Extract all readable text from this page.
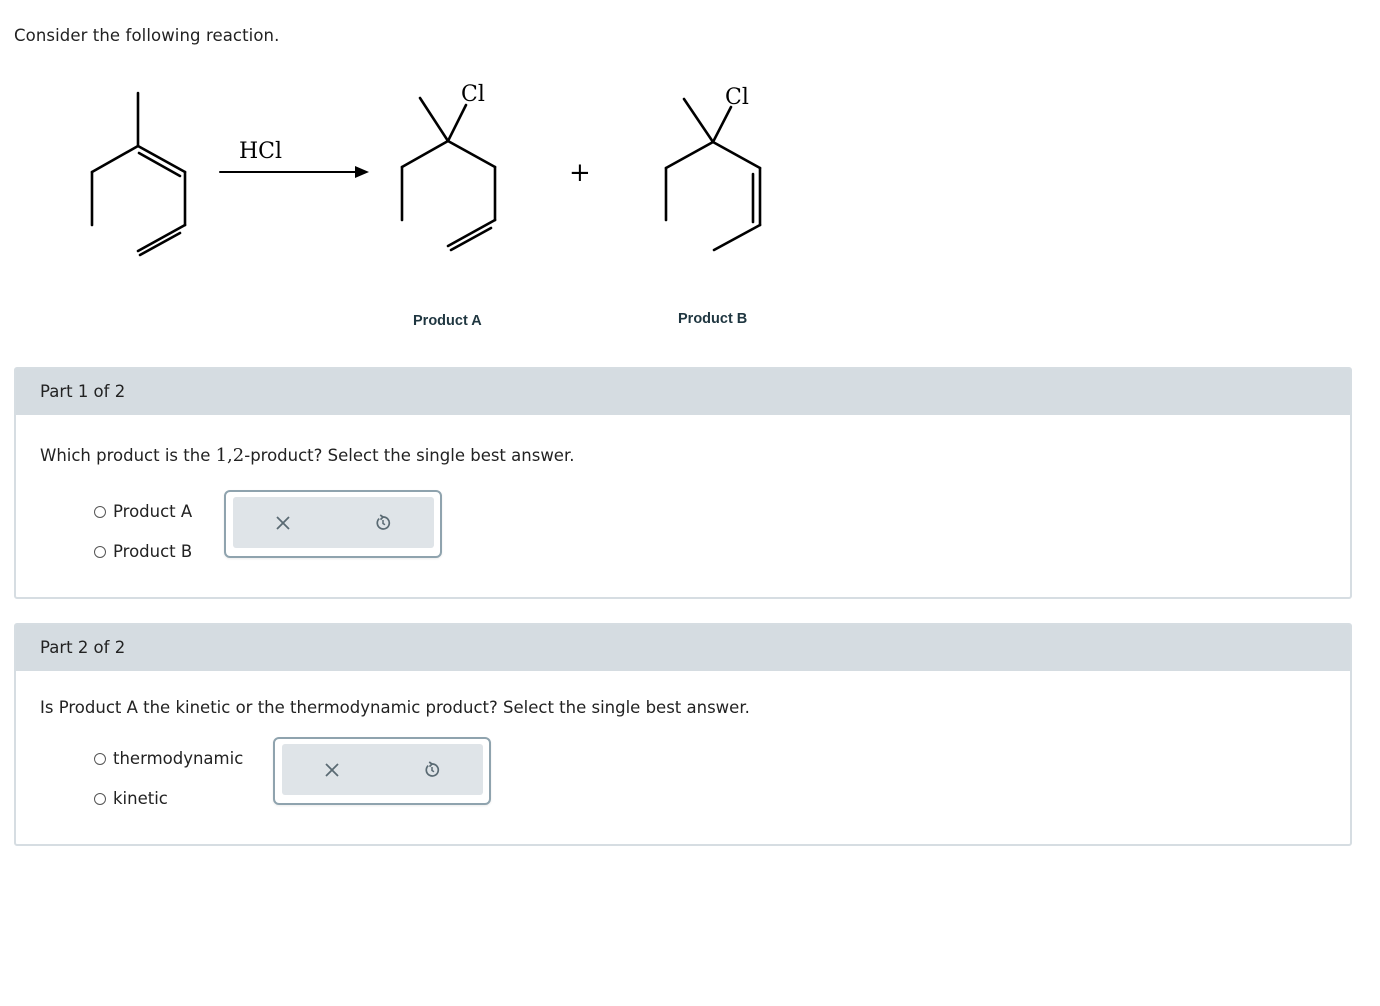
Consider the following reaction.
HCl
Cl
+
Cl
Product A	Product B
Part 1 of 2
Which product is the 1,2-product? Select the single best answer.
Product A
Product B
Part 2 of 2
Is Product A the kinetic or the thermodynamic product? Select the single best answer.
thermodynamic
kinetic
